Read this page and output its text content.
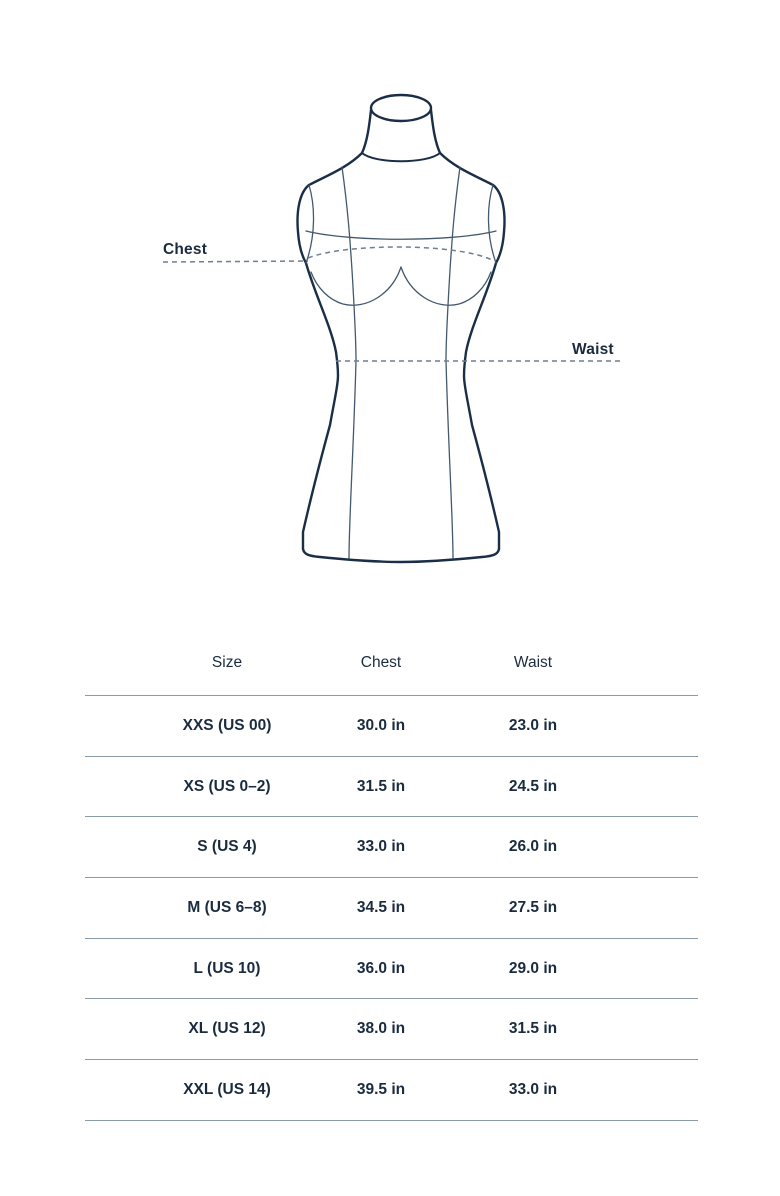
Chest
Waist
Size	Chest	Waist
XXS (US 00)	30.0 in	23.0 in
XS (US 0–2)	31.5 in	24.5 in
S (US 4)	33.0 in	26.0 in
M (US 6–8)	34.5 in	27.5 in
L (US 10)	36.0 in	29.0 in
XL (US 12)	38.0 in	31.5 in
XXL (US 14)	39.5 in	33.0 in
